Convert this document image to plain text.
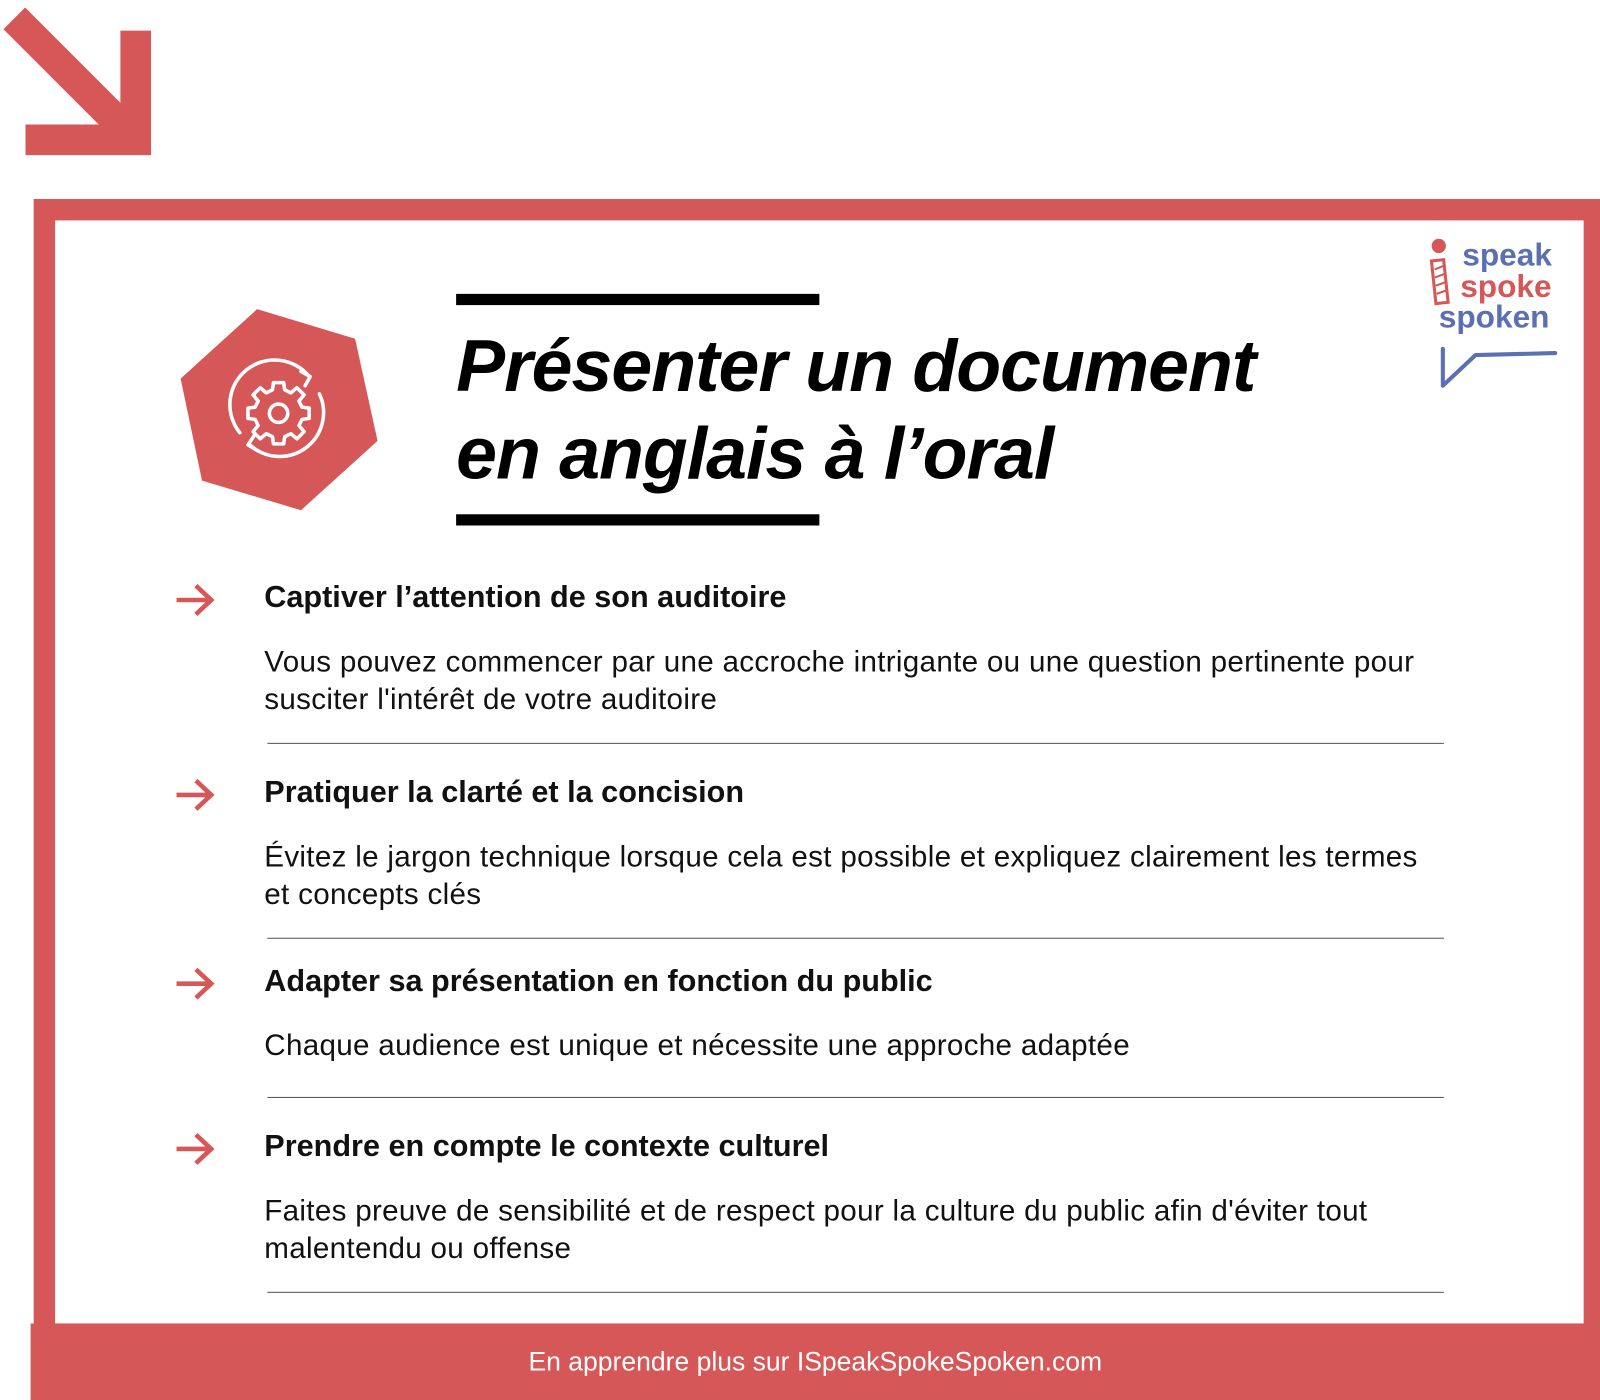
Présenter un document
en anglais à l’oral
speak
spoke
spoken
Captiver l’attention de son auditoire
Vous pouvez commencer par une accroche intrigante ou une question pertinente pour susciter l'intérêt de votre auditoire
Pratiquer la clarté et la concision
Évitez le jargon technique lorsque cela est possible et expliquez clairement les termes et concepts clés
Adapter sa présentation en fonction du public
Chaque audience est unique et nécessite une approche adaptée
Prendre en compte le contexte culturel
Faites preuve de sensibilité et de respect pour la culture du public afin d'éviter tout malentendu ou offense
En apprendre plus sur ISpeakSpokeSpoken.com
